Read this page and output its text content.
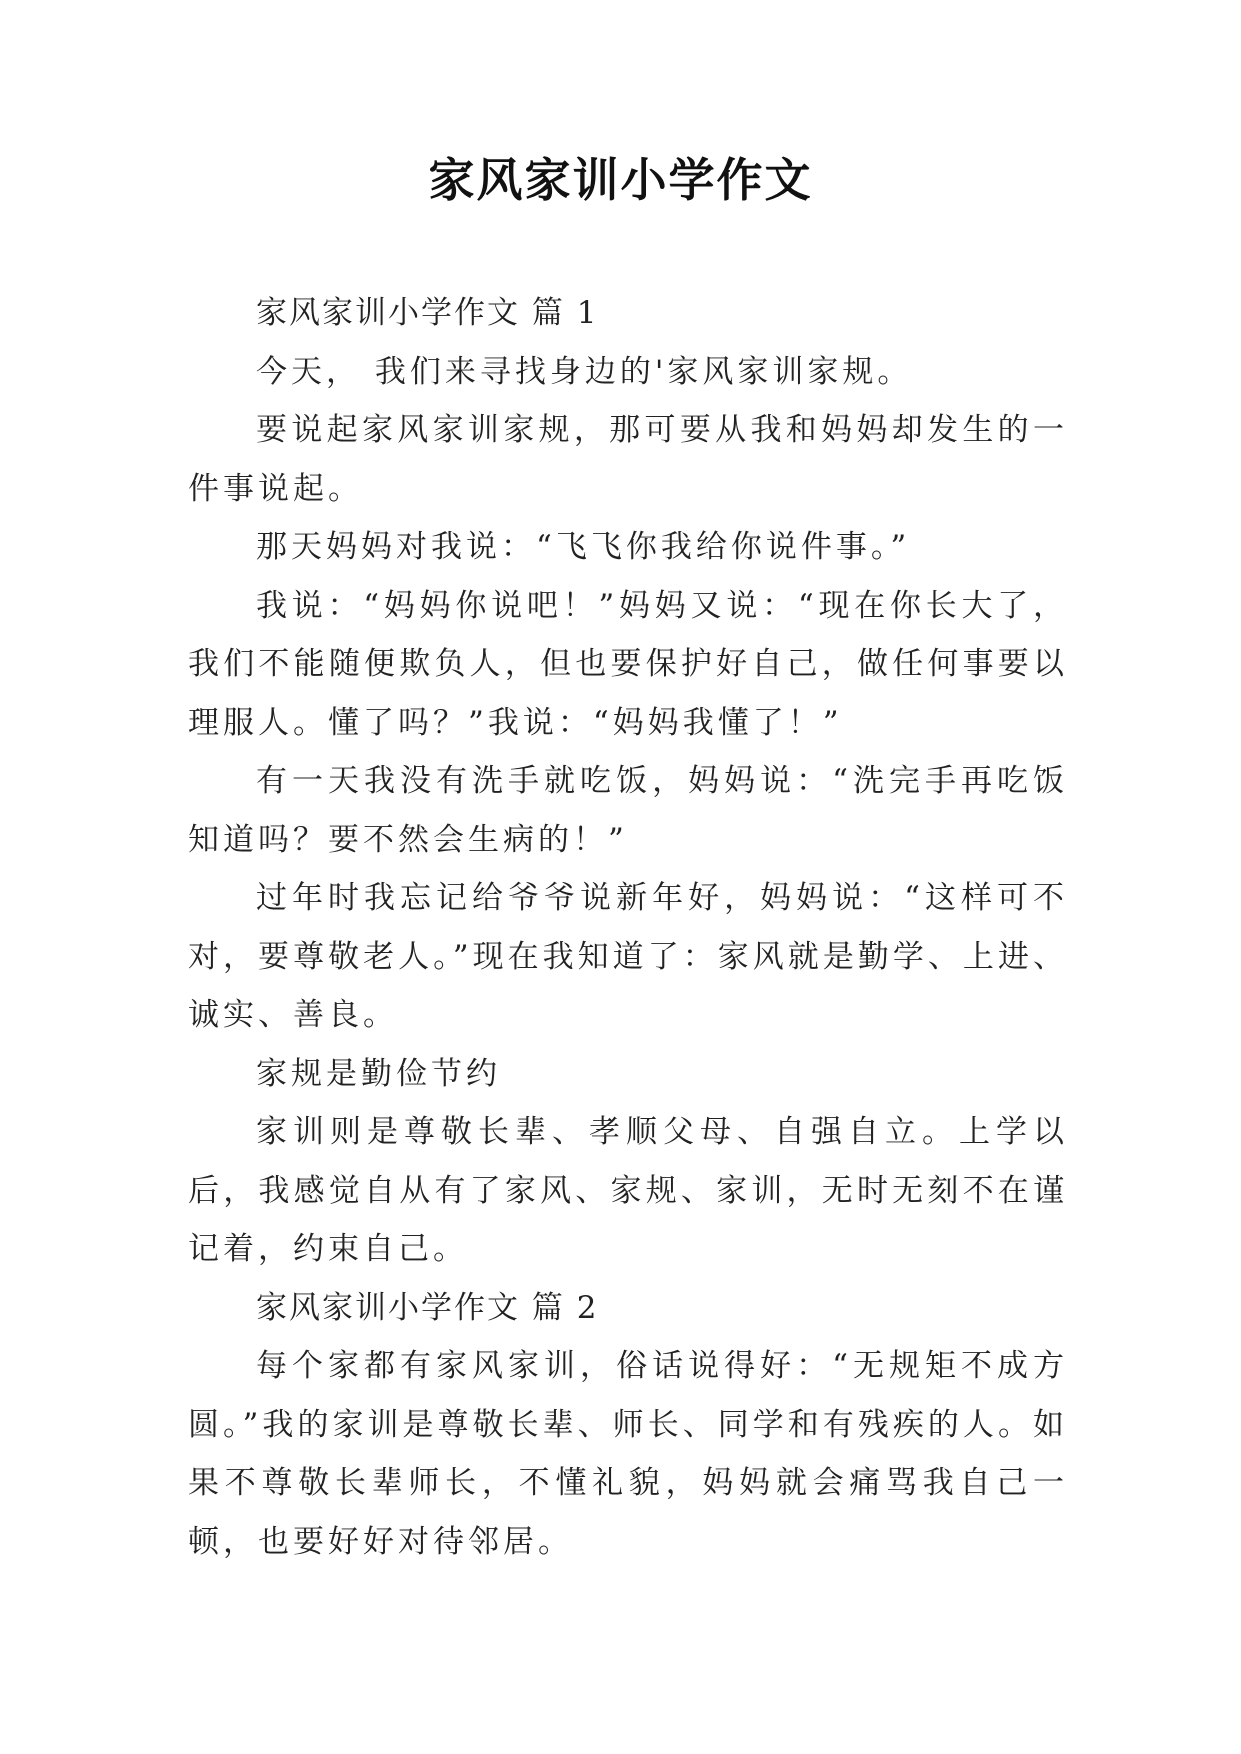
家风家训小学作文

家风家训小学作文 篇 1

今天， 我们来寻找身边的'家风家训家规。

要说起家风家训家规，那可要从我和妈妈却发生的一件事说起。

那天妈妈对我说：“飞飞你我给你说件事。”

我说：“妈妈你说吧！”妈妈又说：“现在你长大了，我们不能随便欺负人，但也要保护好自己，做任何事要以理服人。懂了吗？”我说：“妈妈我懂了！”

有一天我没有洗手就吃饭，妈妈说：“洗完手再吃饭知道吗？要不然会生病的！”

过年时我忘记给爷爷说新年好，妈妈说：“这样可不对，要尊敬老人。”现在我知道了：家风就是勤学、上进、诚实、善良。

家规是勤俭节约

家训则是尊敬长辈、孝顺父母、自强自立。上学以后，我感觉自从有了家风、家规、家训，无时无刻不在谨记着，约束自己。

家风家训小学作文 篇 2

每个家都有家风家训，俗话说得好：“无规矩不成方圆。”我的家训是尊敬长辈、师长、同学和有残疾的人。如果不尊敬长辈师长，不懂礼貌，妈妈就会痛骂我自己一顿，也要好好对待邻居。
